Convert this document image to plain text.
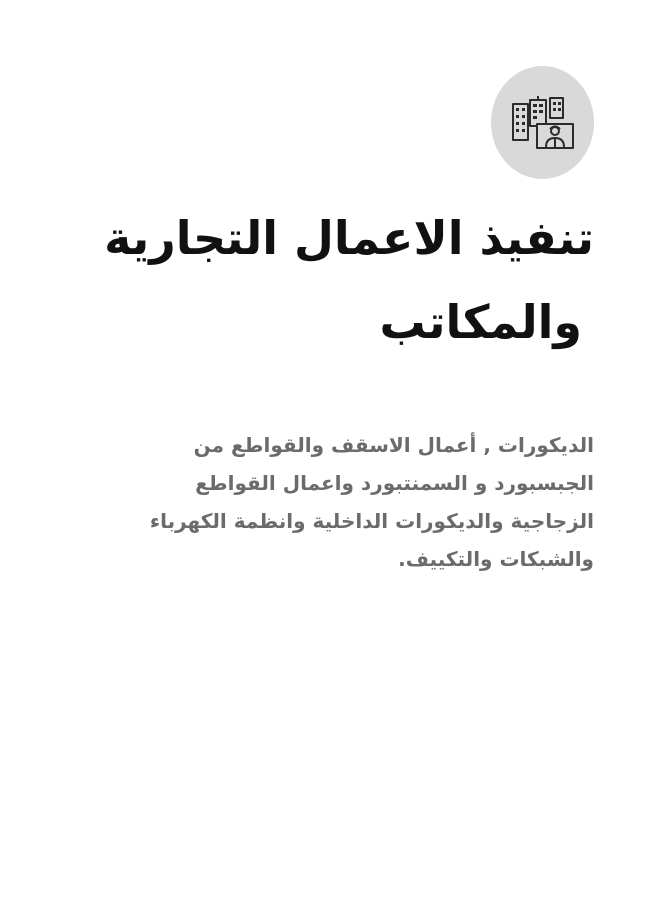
تنفيذ الاعمال التجارية
والمكاتب

الديكورات , أعمال الاسقف والقواطع من
الجبسبورد و السمنتبورد واعمال القواطع
الزجاجية والديكورات الداخلية وانظمة الكهرباء
والشبكات والتكييف.
